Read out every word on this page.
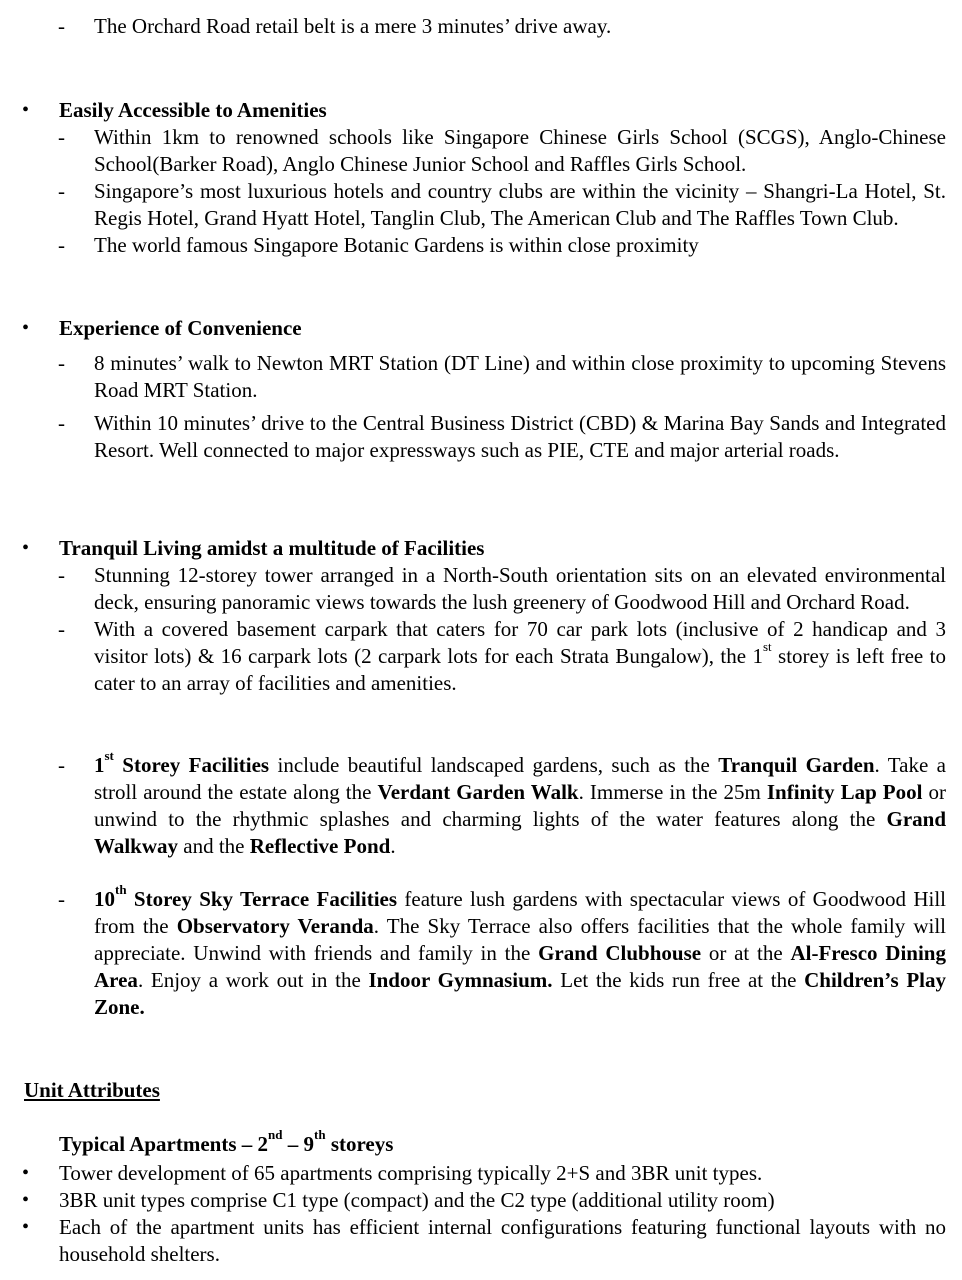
-	The Orchard Road retail belt is a mere 3 minutes’ drive away.
• Easily Accessible to Amenities
-	Within 1km to renowned schools like Singapore Chinese Girls School (SCGS), Anglo-Chinese School(Barker Road), Anglo Chinese Junior School and Raffles Girls School.
-	Singapore’s most luxurious hotels and country clubs are within the vicinity – Shangri-La Hotel, St. Regis Hotel, Grand Hyatt Hotel, Tanglin Club, The American Club and The Raffles Town Club.
-	The world famous Singapore Botanic Gardens is within close proximity
• Experience of Convenience
-	8 minutes’ walk to Newton MRT Station (DT Line) and within close proximity to upcoming Stevens Road MRT Station.
-	Within 10 minutes’ drive to the Central Business District (CBD) & Marina Bay Sands and Integrated Resort. Well connected to major expressways such as PIE, CTE and major arterial roads.
• Tranquil Living amidst a multitude of Facilities
-	Stunning 12-storey tower arranged in a North-South orientation sits on an elevated environmental deck, ensuring panoramic views towards the lush greenery of Goodwood Hill and Orchard Road.
-	With a covered basement carpark that caters for 70 car park lots (inclusive of 2 handicap and 3 visitor lots) & 16 carpark lots (2 carpark lots for each Strata Bungalow), the 1st storey is left free to cater to an array of facilities and amenities.
-	1st Storey Facilities include beautiful landscaped gardens, such as the Tranquil Garden. Take a stroll around the estate along the Verdant Garden Walk. Immerse in the 25m Infinity Lap Pool or unwind to the rhythmic splashes and charming lights of the water features along the Grand Walkway and the Reflective Pond.
-	10th Storey Sky Terrace Facilities feature lush gardens with spectacular views of Goodwood Hill from the Observatory Veranda. The Sky Terrace also offers facilities that the whole family will appreciate. Unwind with friends and family in the Grand Clubhouse or at the Al-Fresco Dining Area. Enjoy a work out in the Indoor Gymnasium. Let the kids run free at the Children’s Play Zone.
Unit Attributes
Typical Apartments – 2nd – 9th storeys
• Tower development of 65 apartments comprising typically 2+S and 3BR unit types.
• 3BR unit types comprise C1 type (compact) and the C2 type (additional utility room)
• Each of the apartment units has efficient internal configurations featuring functional layouts with no household shelters.
